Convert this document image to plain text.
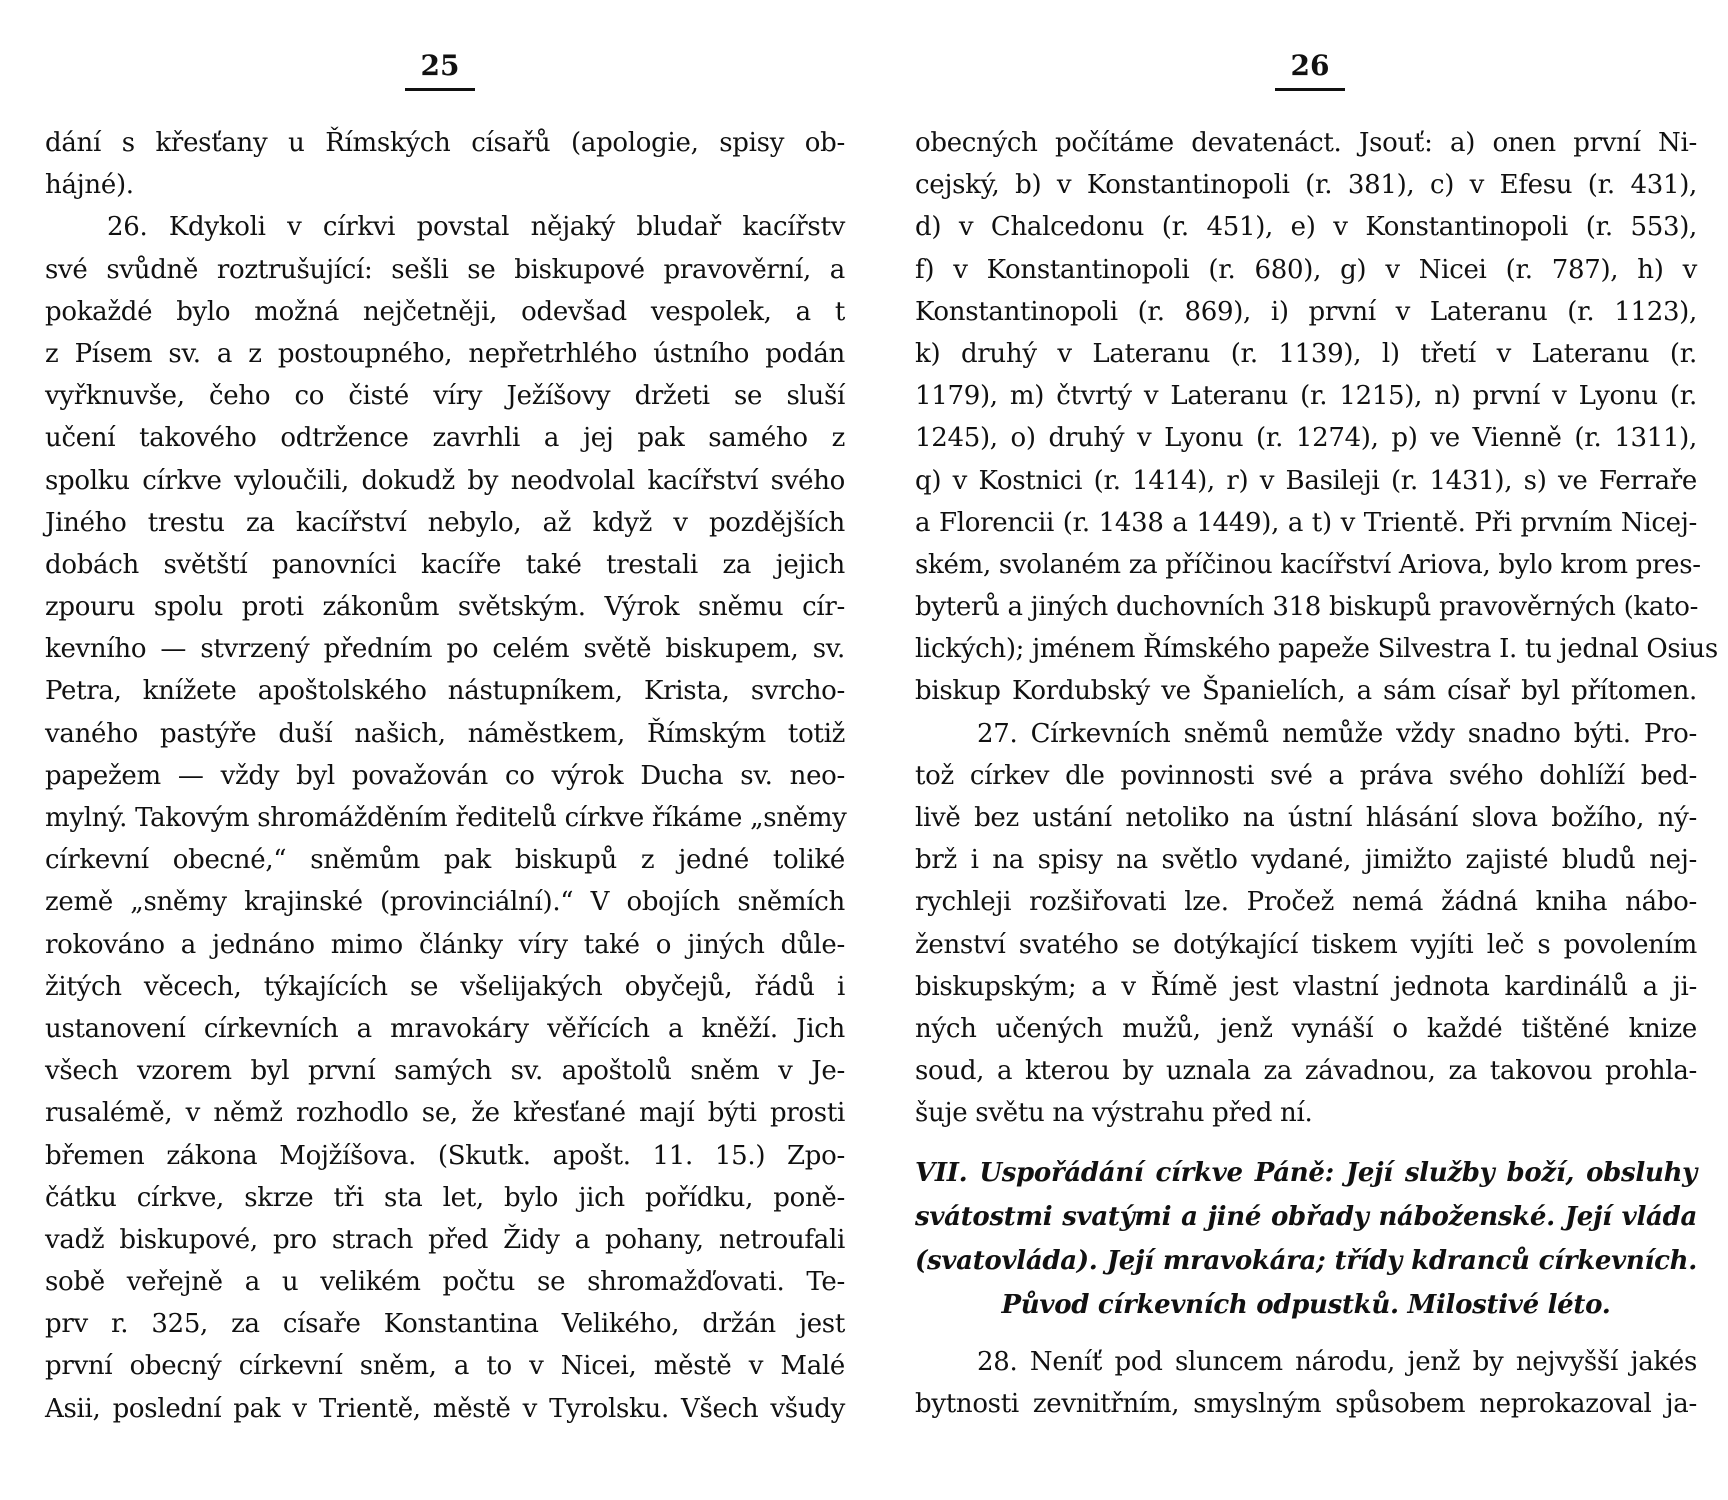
25
dání s křesťany u Římských císařů (apologie, spisy ob-
hájné).
26. Kdykoli v církvi povstal nějaký bludař kacířstv
své svůdně roztrušující: sešli se biskupové pravověrní, a
pokaždé bylo možná nejčetněji, odevšad vespolek, a t
z Písem sv. a z postoupného, nepřetrhlého ústního podán
vyřknuvše, čeho co čisté víry Ježíšovy držeti se sluší
učení takového odtržence zavrhli a jej pak samého z
spolku církve vyloučili, dokudž by neodvolal kacířství svého
Jiného trestu za kacířství nebylo, až když v pozdějších
dobách světští panovníci kacíře také trestali za jejich
zpouru spolu proti zákonům světským. Výrok sněmu cír-
kevního — stvrzený předním po celém světě biskupem, sv.
Petra, knížete apoštolského nástupníkem, Krista, svrcho-
vaného pastýře duší našich, náměstkem, Římským totiž
papežem — vždy byl považován co výrok Ducha sv. neo-
mylný. Takovým shromážděním ředitelů církve říkáme „sněmy
církevní obecné,“ sněmům pak biskupů z jedné toliké
země „sněmy krajinské (provinciální).“ V obojích sněmích
rokováno a jednáno mimo články víry také o jiných důle-
žitých věcech, týkajících se všelijakých obyčejů, řádů i
ustanovení církevních a mravokáry věřících a kněží. Jich
všech vzorem byl první samých sv. apoštolů sněm v Je-
rusalémě, v němž rozhodlo se, že křesťané mají býti prosti
břemen zákona Mojžíšova. (Skutk. apošt. 11. 15.) Zpo-
čátku církve, skrze tři sta let, bylo jich pořídku, poně-
vadž biskupové, pro strach před Židy a pohany, netroufali
sobě veřejně a u velikém počtu se shromažďovati. Te-
prv r. 325, za císaře Konstantina Velikého, držán jest
první obecný církevní sněm, a to v Nicei, městě v Malé
Asii, poslední pak v Trientě, městě v Tyrolsku. Všech všudy
26
obecných počítáme devatenáct. Jsouť: a) onen první Ni-
cejský, b) v Konstantinopoli (r. 381), c) v Efesu (r. 431),
d) v Chalcedonu (r. 451), e) v Konstantinopoli (r. 553),
f) v Konstantinopoli (r. 680), g) v Nicei (r. 787), h) v
Konstantinopoli (r. 869), i) první v Lateranu (r. 1123),
k) druhý v Lateranu (r. 1139), l) třetí v Lateranu (r.
1179), m) čtvrtý v Lateranu (r. 1215), n) první v Lyonu (r.
1245), o) druhý v Lyonu (r. 1274), p) ve Vienně (r. 1311),
q) v Kostnici (r. 1414), r) v Basileji (r. 1431), s) ve Ferraře
a Florencii (r. 1438 a 1449), a t) v Trientě. Při prvním Nicej-
ském, svolaném za příčinou kacířství Ariova, bylo krom pres-
byterů a jiných duchovních 318 biskupů pravověrných (kato-
lických); jménem Římského papeže Silvestra I. tu jednal Osius
biskup Kordubský ve Španielích, a sám císař byl přítomen.
27. Církevních sněmů nemůže vždy snadno býti. Pro-
tož církev dle povinnosti své a práva svého dohlíží bed-
livě bez ustání netoliko na ústní hlásání slova božího, ný-
brž i na spisy na světlo vydané, jimižto zajisté bludů nej-
rychleji rozšiřovati lze. Pročež nemá žádná kniha nábo-
ženství svatého se dotýkající tiskem vyjíti leč s povolením
biskupským; a v Římě jest vlastní jednota kardinálů a ji-
ných učených mužů, jenž vynáší o každé tištěné knize
soud, a kterou by uznala za závadnou, za takovou prohla-
šuje světu na výstrahu před ní.
VII. Uspořádání církve Páně: Její služby boží, obsluhy
svátostmi svatými a jiné obřady náboženské. Její vláda
(svatovláda). Její mravokára; třídy kdranců církevních.
Původ církevních odpustků. Milostivé léto.
28. Neníť pod sluncem národu, jenž by nejvyšší jakés
bytnosti zevnitřním, smyslným spůsobem neprokazoval ja-
